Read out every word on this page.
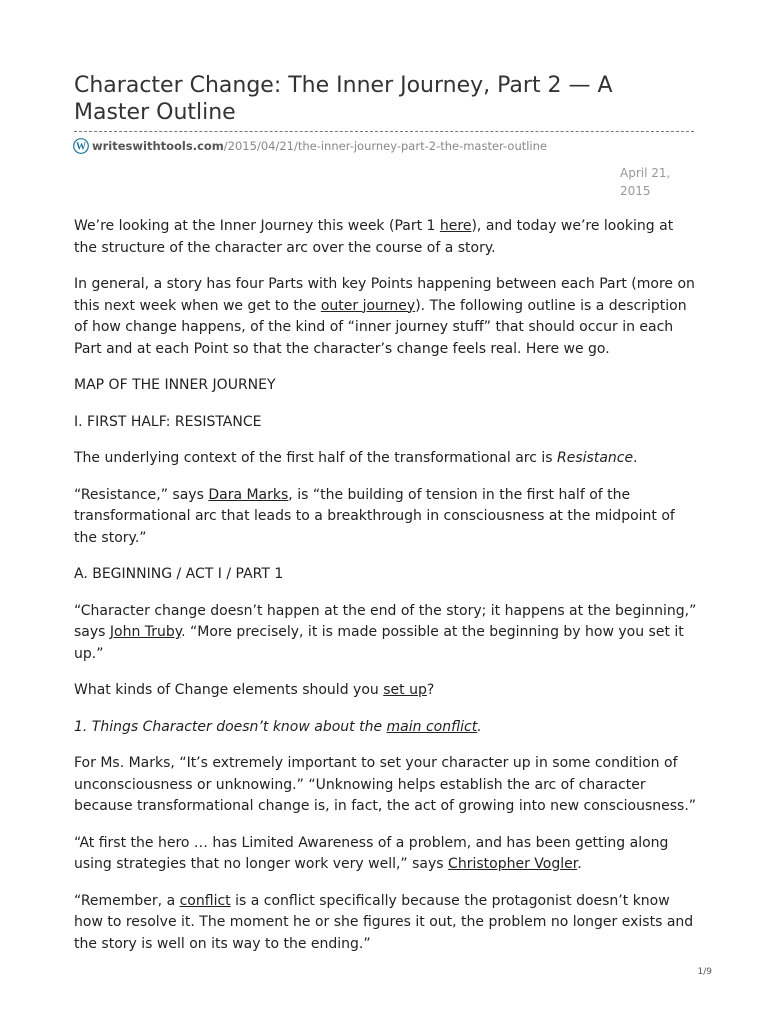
Character Change: The Inner Journey, Part 2 — A Master Outline
W writeswithtools.com/2015/04/21/the-inner-journey-part-2-the-master-outline
April 21, 2015

We’re looking at the Inner Journey this week (Part 1 here), and today we’re looking at the structure of the character arc over the course of a story.

In general, a story has four Parts with key Points happening between each Part (more on this next week when we get to the outer journey). The following outline is a description of how change happens, of the kind of “inner journey stuff” that should occur in each Part and at each Point so that the character’s change feels real. Here we go.

MAP OF THE INNER JOURNEY

I. FIRST HALF: RESISTANCE

The underlying context of the first half of the transformational arc is Resistance.

“Resistance,” says Dara Marks, is “the building of tension in the first half of the transformational arc that leads to a breakthrough in consciousness at the midpoint of the story.”

A. BEGINNING / ACT I / PART 1

“Character change doesn’t happen at the end of the story; it happens at the beginning,” says John Truby. “More precisely, it is made possible at the beginning by how you set it up.”

What kinds of Change elements should you set up?

1. Things Character doesn’t know about the main conflict.

For Ms. Marks, “It’s extremely important to set your character up in some condition of unconsciousness or unknowing.” “Unknowing helps establish the arc of character because transformational change is, in fact, the act of growing into new consciousness.”

“At first the hero … has Limited Awareness of a problem, and has been getting along using strategies that no longer work very well,” says Christopher Vogler.

“Remember, a conflict is a conflict specifically because the protagonist doesn’t know how to resolve it. The moment he or she figures it out, the problem no longer exists and the story is well on its way to the ending.”

1/9
